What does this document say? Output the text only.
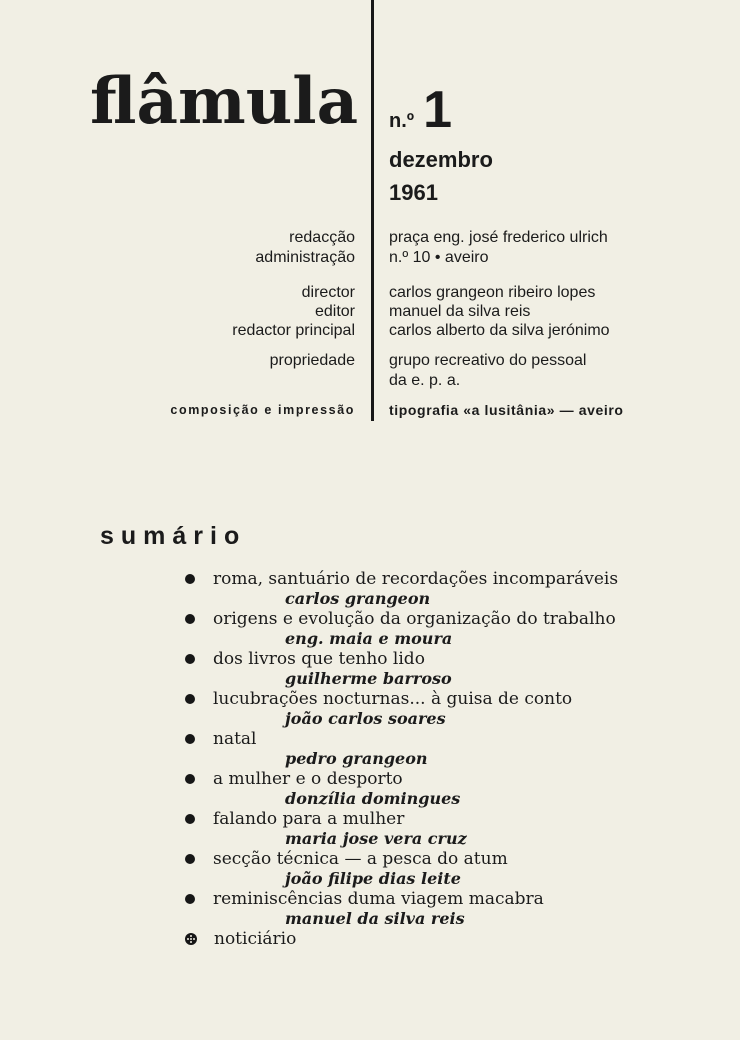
flâmula n.º 1
dezembro
1961
redacção
administração
director
editor
redactor principal
propriedade
composição e impressão
praça eng. josé frederico ulrich
n.º 10 • aveiro
carlos grangeon ribeiro lopes
manuel da silva reis
carlos alberto da silva jerónimo
grupo recreativo do pessoal
da e. p. a.
tipografia «a lusitânia» — aveiro
sumário
roma, santuário de recordações incomparáveis
carlos grangeon
origens e evolução da organização do trabalho
eng. maia e moura
dos livros que tenho lido
guilherme barroso
lucubrações nocturnas... à guisa de conto
joão carlos soares
natal
pedro grangeon
a mulher e o desporto
donzília domingues
falando para a mulher
maria jose vera cruz
secção técnica — a pesca do atum
joão filipe dias leite
reminiscências duma viagem macabra
manuel da silva reis
noticiário
